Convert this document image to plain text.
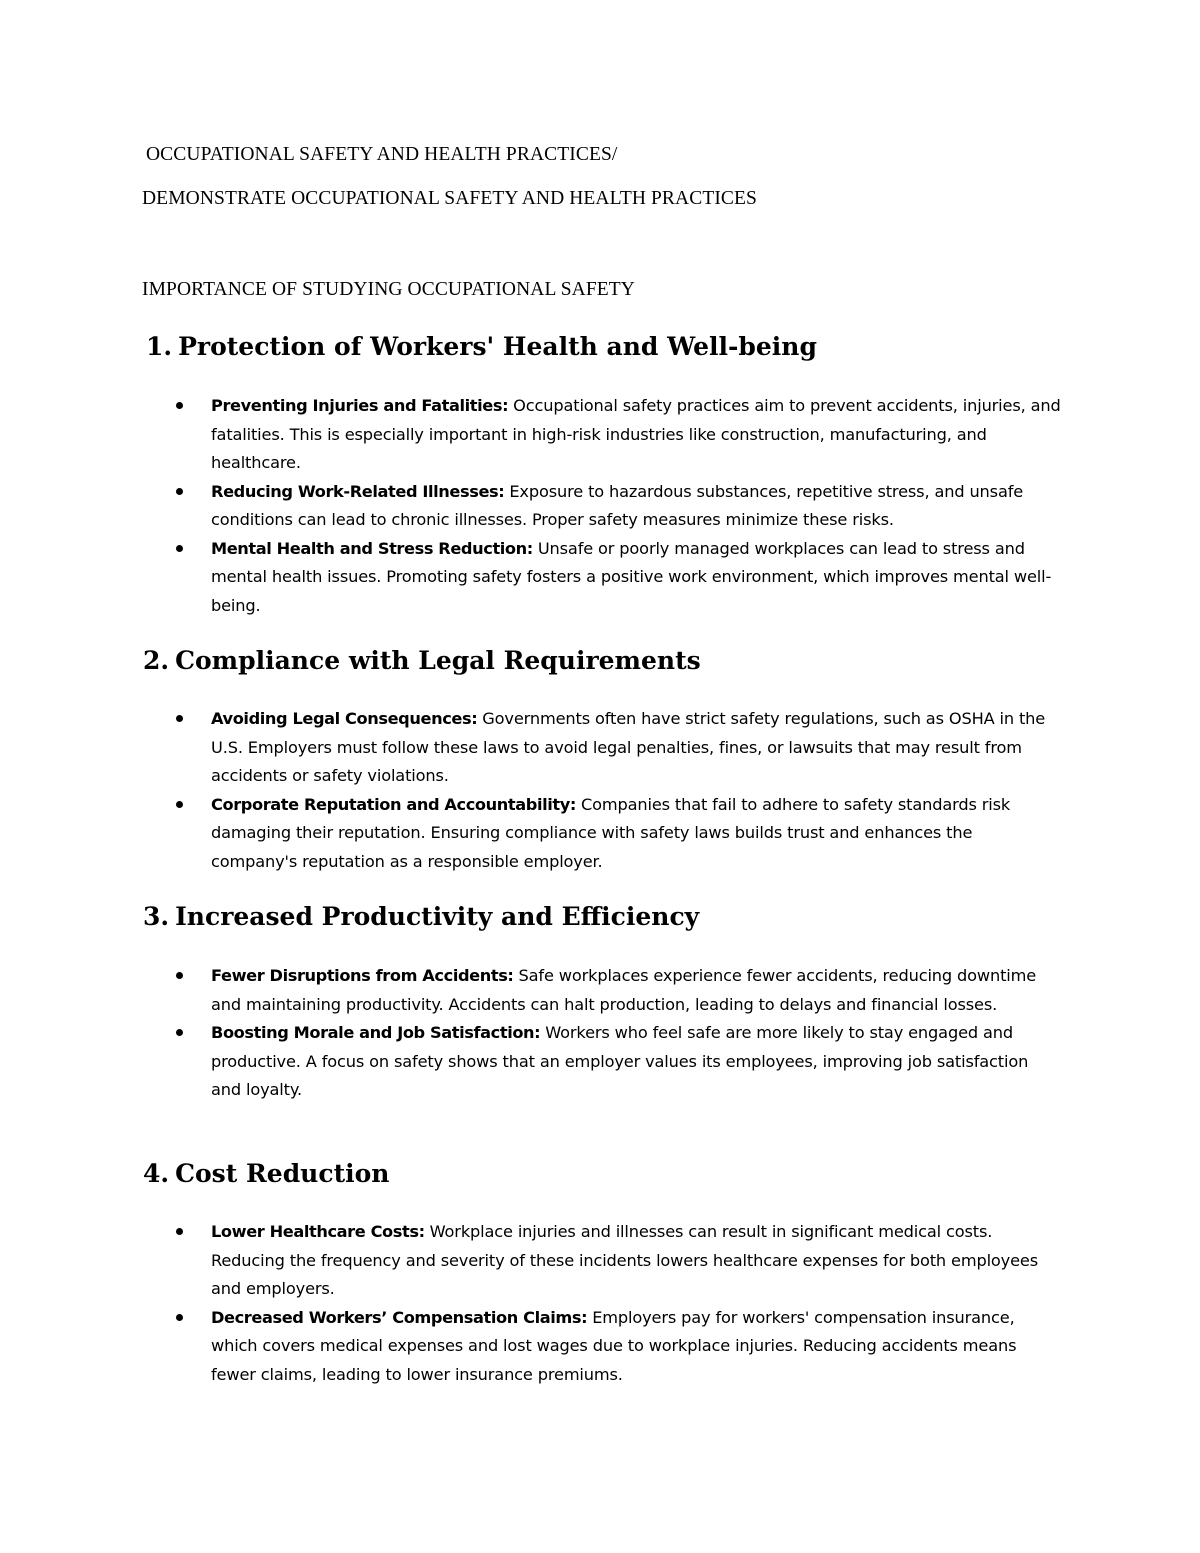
OCCUPATIONAL SAFETY AND HEALTH PRACTICES/

DEMONSTRATE OCCUPATIONAL SAFETY AND HEALTH PRACTICES

IMPORTANCE OF STUDYING OCCUPATIONAL SAFETY

1. Protection of Workers' Health and Well-being
Preventing Injuries and Fatalities: Occupational safety practices aim to prevent accidents, injuries, and fatalities. This is especially important in high-risk industries like construction, manufacturing, and healthcare.
Reducing Work-Related Illnesses: Exposure to hazardous substances, repetitive stress, and unsafe conditions can lead to chronic illnesses. Proper safety measures minimize these risks.
Mental Health and Stress Reduction: Unsafe or poorly managed workplaces can lead to stress and mental health issues. Promoting safety fosters a positive work environment, which improves mental well-being.
2. Compliance with Legal Requirements
Avoiding Legal Consequences: Governments often have strict safety regulations, such as OSHA in the U.S. Employers must follow these laws to avoid legal penalties, fines, or lawsuits that may result from accidents or safety violations.
Corporate Reputation and Accountability: Companies that fail to adhere to safety standards risk damaging their reputation. Ensuring compliance with safety laws builds trust and enhances the company's reputation as a responsible employer.
3. Increased Productivity and Efficiency
Fewer Disruptions from Accidents: Safe workplaces experience fewer accidents, reducing downtime and maintaining productivity. Accidents can halt production, leading to delays and financial losses.
Boosting Morale and Job Satisfaction: Workers who feel safe are more likely to stay engaged and productive. A focus on safety shows that an employer values its employees, improving job satisfaction and loyalty.
4. Cost Reduction
Lower Healthcare Costs: Workplace injuries and illnesses can result in significant medical costs. Reducing the frequency and severity of these incidents lowers healthcare expenses for both employees and employers.
Decreased Workers’ Compensation Claims: Employers pay for workers' compensation insurance, which covers medical expenses and lost wages due to workplace injuries. Reducing accidents means fewer claims, leading to lower insurance premiums.
